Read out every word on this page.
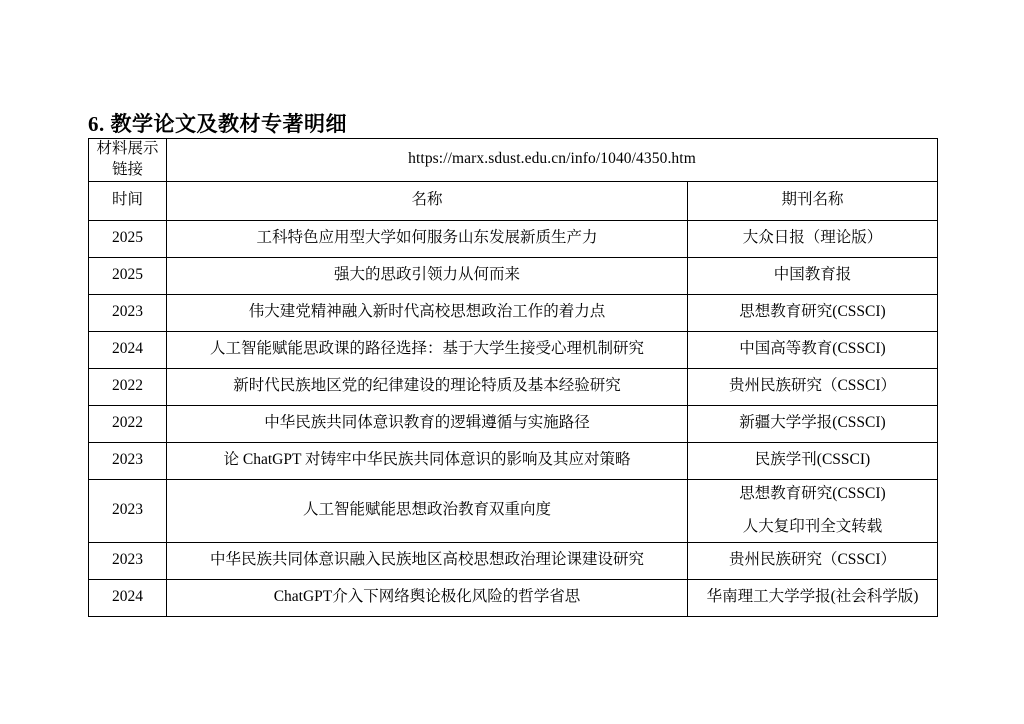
6. 教学论文及教材专著明细
材料展示链接	https://marx.sdust.edu.cn/info/1040/4350.htm	
时间	名称	期刊名称
2025	工科特色应用型大学如何服务山东发展新质生产力	大众日报（理论版）
2025	强大的思政引领力从何而来	中国教育报
2023	伟大建党精神融入新时代高校思想政治工作的着力点	思想教育研究(CSSCI)
2024	人工智能赋能思政课的路径选择：基于大学生接受心理机制研究	中国高等教育(CSSCI)
2022	新时代民族地区党的纪律建设的理论特质及基本经验研究	贵州民族研究（CSSCI）
2022	中华民族共同体意识教育的逻辑遵循与实施路径	新疆大学学报(CSSCI)
2023	论 ChatGPT 对铸牢中华民族共同体意识的影响及其应对策略	民族学刊(CSSCI)
2023	人工智能赋能思想政治教育双重向度	思想教育研究(CSSCI)
人大复印刊全文转载

2023	中华民族共同体意识融入民族地区高校思想政治理论课建设研究	贵州民族研究（CSSCI）
2024	ChatGPT介入下网络舆论极化风险的哲学省思	华南理工大学学报(社会科学版)
